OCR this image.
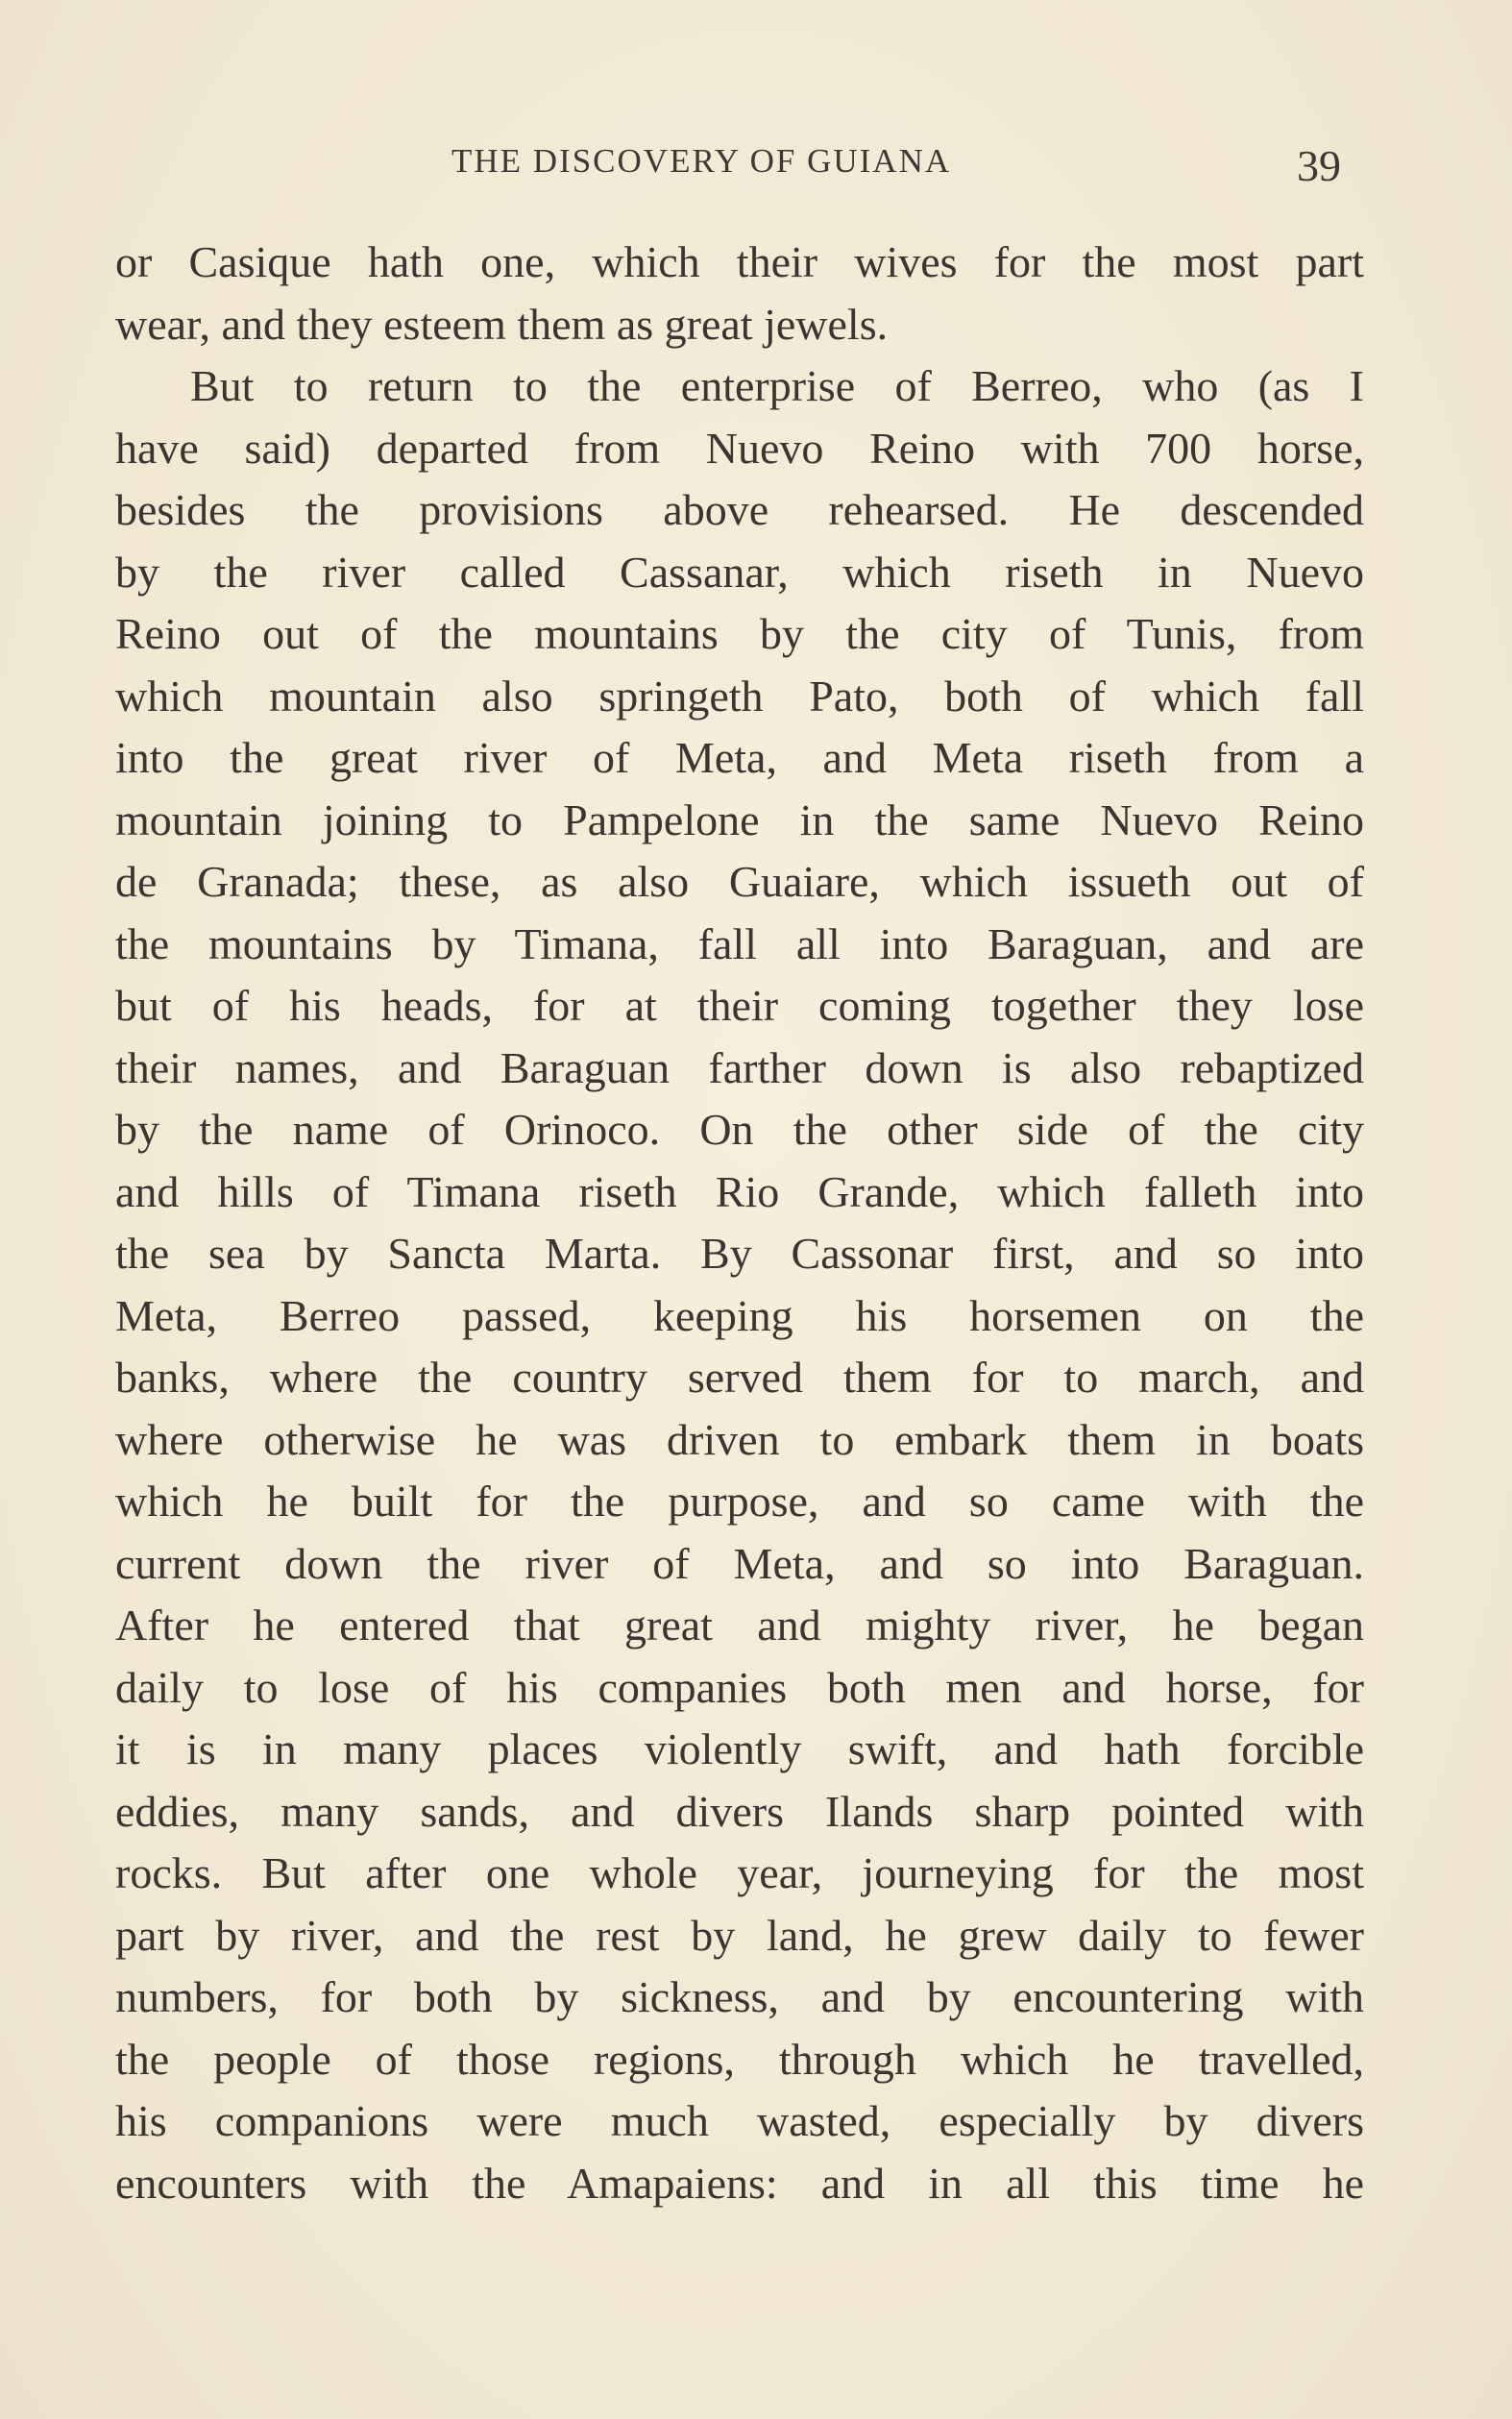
THE DISCOVERY OF GUIANA	39
or Casique hath one, which their wives for the most part
wear, and they esteem them as great jewels.
But to return to the enterprise of Berreo, who (as I
have said) departed from Nuevo Reino with 700 horse,
besides the provisions above rehearsed. He descended
by the river called Cassanar, which riseth in Nuevo
Reino out of the mountains by the city of Tunis, from
which mountain also springeth Pato, both of which fall
into the great river of Meta, and Meta riseth from a
mountain joining to Pampelone in the same Nuevo Reino
de Granada; these, as also Guaiare, which issueth out of
the mountains by Timana, fall all into Baraguan, and are
but of his heads, for at their coming together they lose
their names, and Baraguan farther down is also rebaptized
by the name of Orinoco. On the other side of the city
and hills of Timana riseth Rio Grande, which falleth into
the sea by Sancta Marta. By Cassonar first, and so into
Meta, Berreo passed, keeping his horsemen on the
banks, where the country served them for to march, and
where otherwise he was driven to embark them in boats
which he built for the purpose, and so came with the
current down the river of Meta, and so into Baraguan.
After he entered that great and mighty river, he began
daily to lose of his companies both men and horse, for
it is in many places violently swift, and hath forcible
eddies, many sands, and divers Ilands sharp pointed with
rocks. But after one whole year, journeying for the most
part by river, and the rest by land, he grew daily to fewer
numbers, for both by sickness, and by encountering with
the people of those regions, through which he travelled,
his companions were much wasted, especially by divers
encounters with the Amapaiens: and in all this time he
